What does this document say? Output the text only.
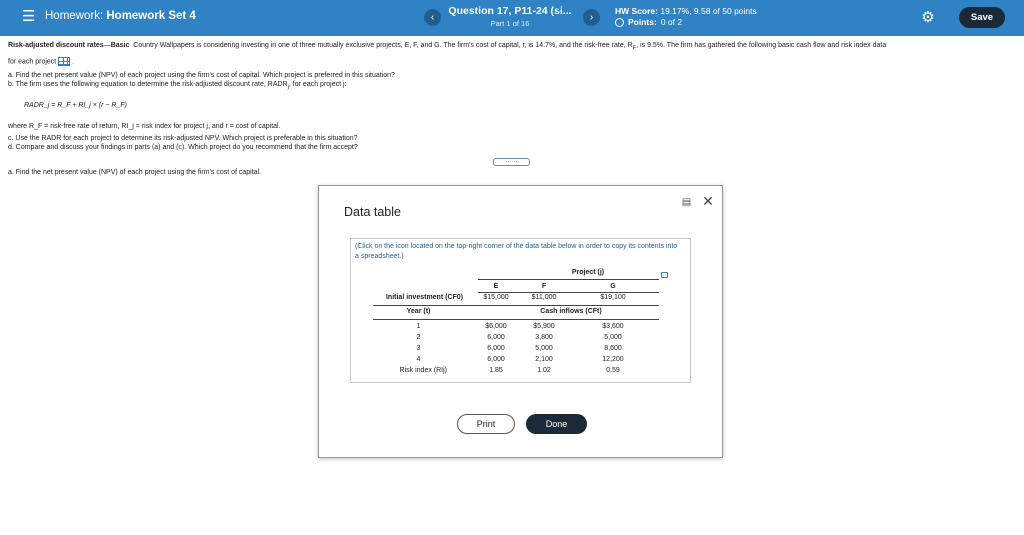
☰ Homework: Homework Set 4	‹
Question 17, P11-24 (si...
Part 1 of 16
›
HW Score: 19.17%, 9.58 of 50 points
Points: 0 of 2	⚙	Save
Risk-adjusted discount rates—Basic Country Wallpapers is considering investing in one of three mutually exclusive projects, E, F, and G. The firm's cost of capital, r, is 14.7%, and the risk-free rate, $R_F$, is 9.5%. The firm has gathered the following basic cash flow and risk index data
for each project  .
a. Find the net present value (NPV) of each project using the firm's cost of capital. Which project is preferred in this situation?
b. The firm uses the following equation to determine the risk-adjusted discount rate, $RADR_j$, for each project j:
RADR_j = R_F + RI_j × (r − R_F)
where R_F = risk-free rate of return, RI_j = risk index for project j, and r = cost of capital.
c. Use the RADR for each project to determine its risk-adjusted NPV. Which project is preferable in this situation?
d. Compare and discuss your findings in parts (a) and (c). Which project do you recommend that the firm accept?
......
a. Find the net present value (NPV) of each project using the firm's cost of capital.
Data table
▤ ✕
(Click on the icon located on the top-right corner of the data table below in order to copy its contents into a spreadsheet.)
Project (j)
E	F	G
Initial investment (CF0)	$15,000	$11,000	$19,100
Year (t)	Cash inflows (CFt)
1	$6,000	$5,900	$3,600
2	6,000	3,800	5,000
3	6,000	5,000	8,600
4	6,000	2,100	12,200
Risk index (RIj)	1.85	1.02	0.59
Print	Done
